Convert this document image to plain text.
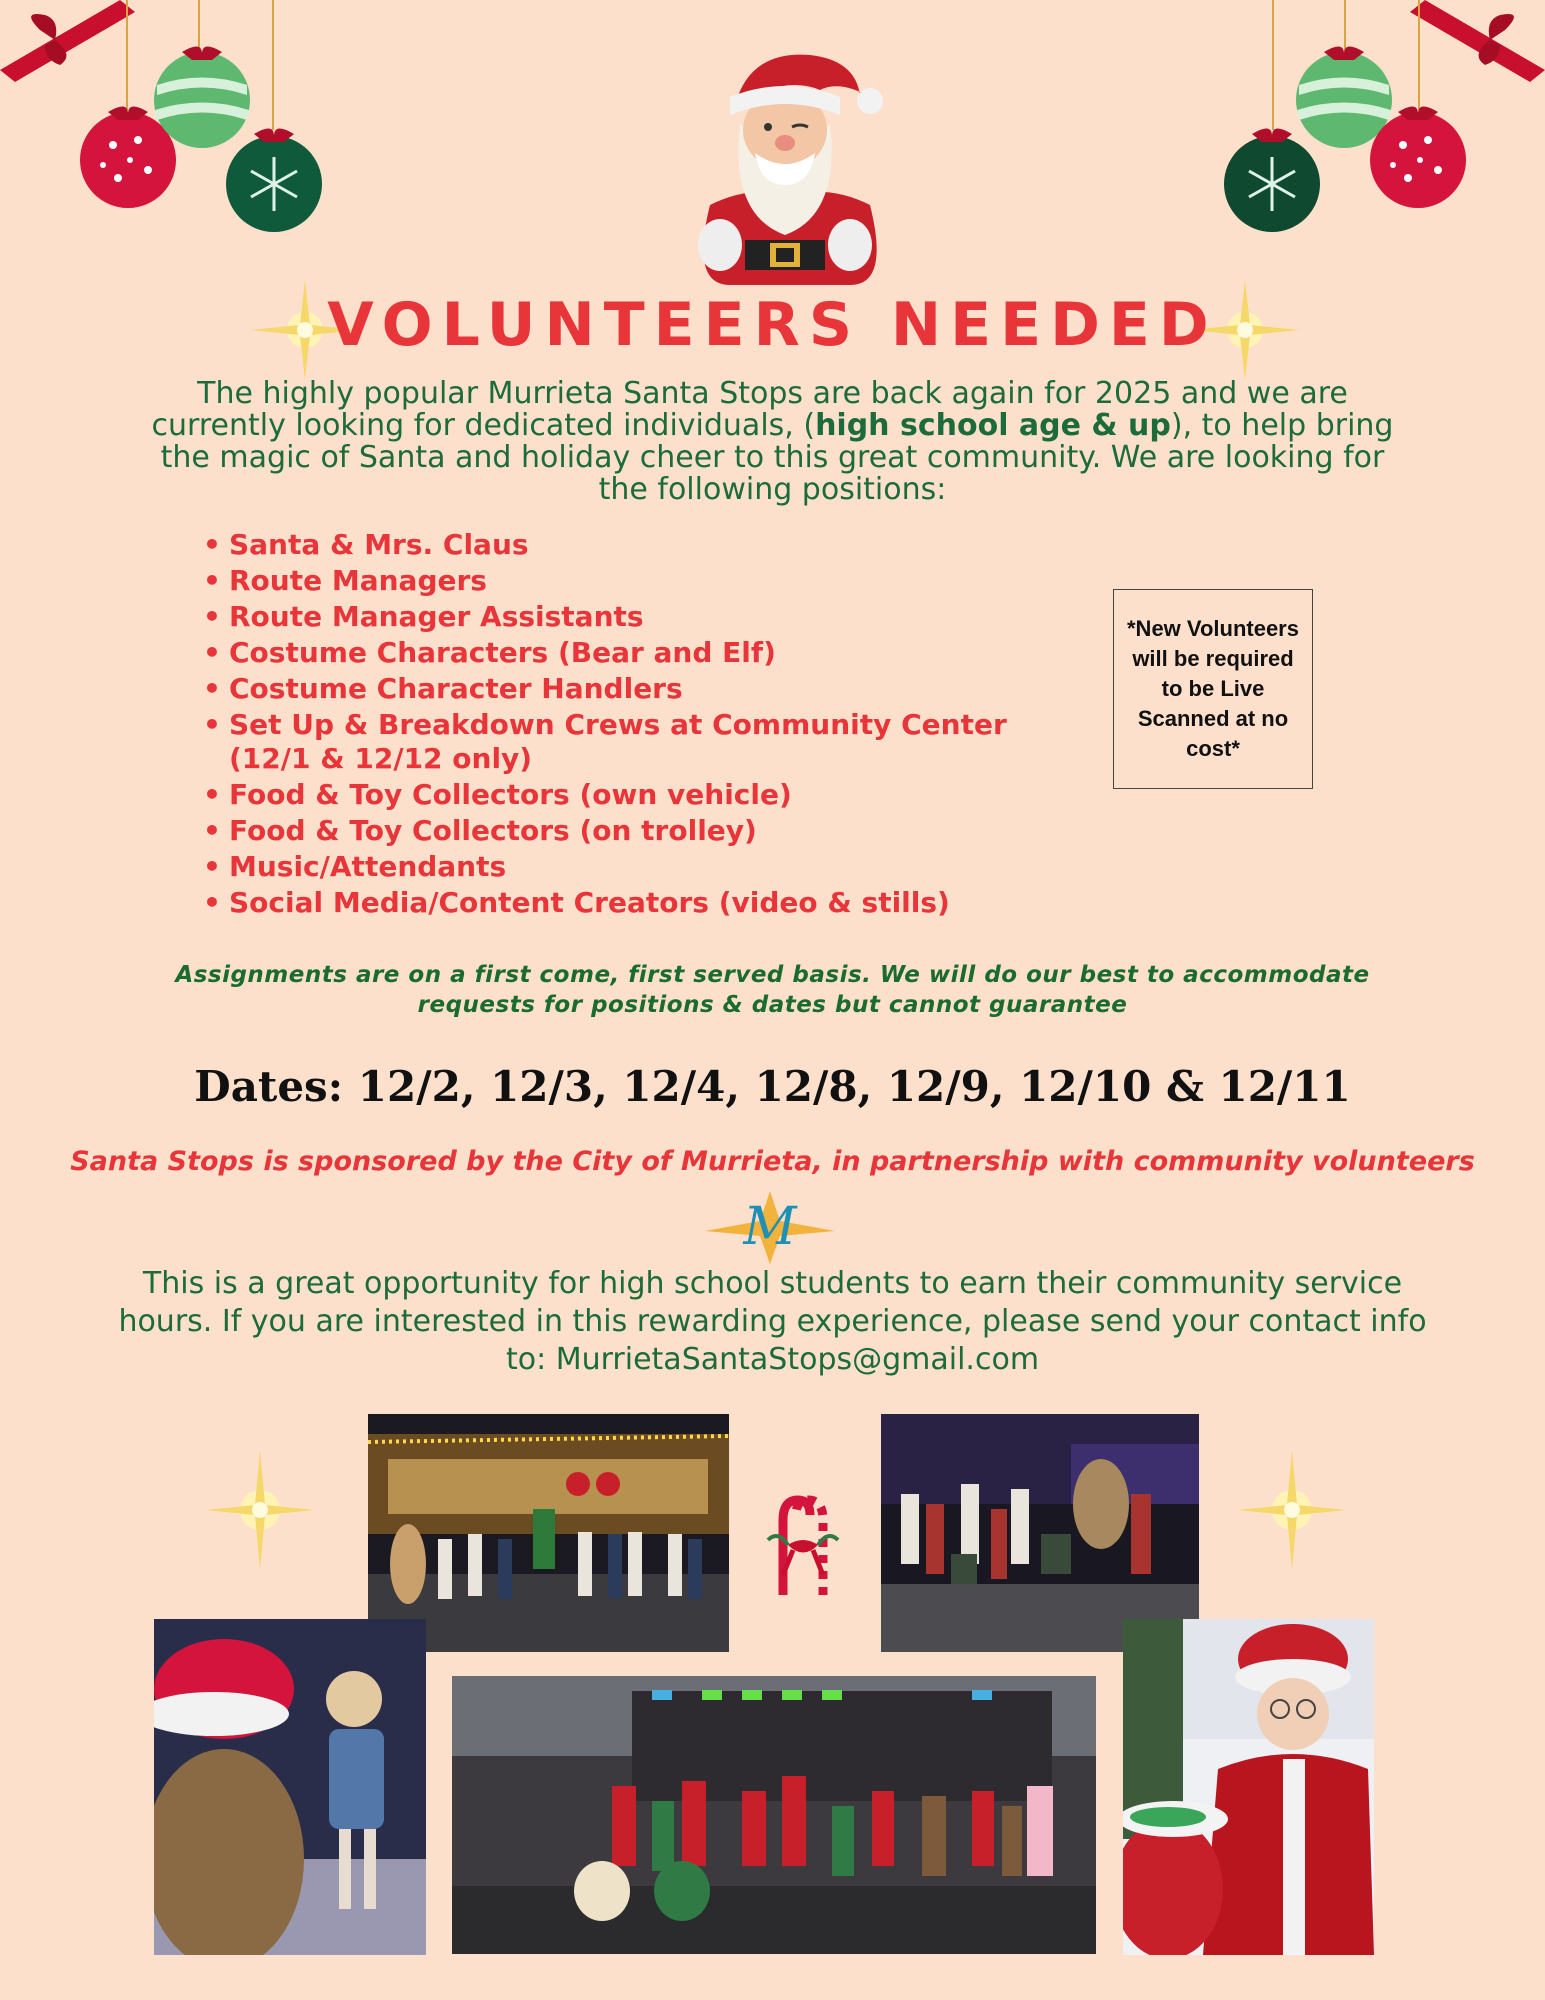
VOLUNTEERS NEEDED
The highly popular Murrieta Santa Stops are back again for 2025 and we are currently looking for dedicated individuals, (high school age & up), to help bring the magic of Santa and holiday cheer to this great community. We are looking for the following positions:
• Santa & Mrs. Claus
• Route Managers
• Route Manager Assistants
• Costume Characters (Bear and Elf)
• Costume Character Handlers
• Set Up & Breakdown Crews at Community Center
(12/1 & 12/12 only)
• Food & Toy Collectors (own vehicle)
• Food & Toy Collectors (on trolley)
• Music/Attendants
• Social Media/Content Creators (video & stills)
*New Volunteers will be required to be Live Scanned at no cost*
Assignments are on a first come, first served basis. We will do our best to accommodate requests for positions & dates but cannot guarantee
Dates: 12/2, 12/3, 12/4, 12/8, 12/9, 12/10 & 12/11
Santa Stops is sponsored by the City of Murrieta, in partnership with community volunteers
M
This is a great opportunity for high school students to earn their community service hours. If you are interested in this rewarding experience, please send your contact info to: MurrietaSantaStops@gmail.com
